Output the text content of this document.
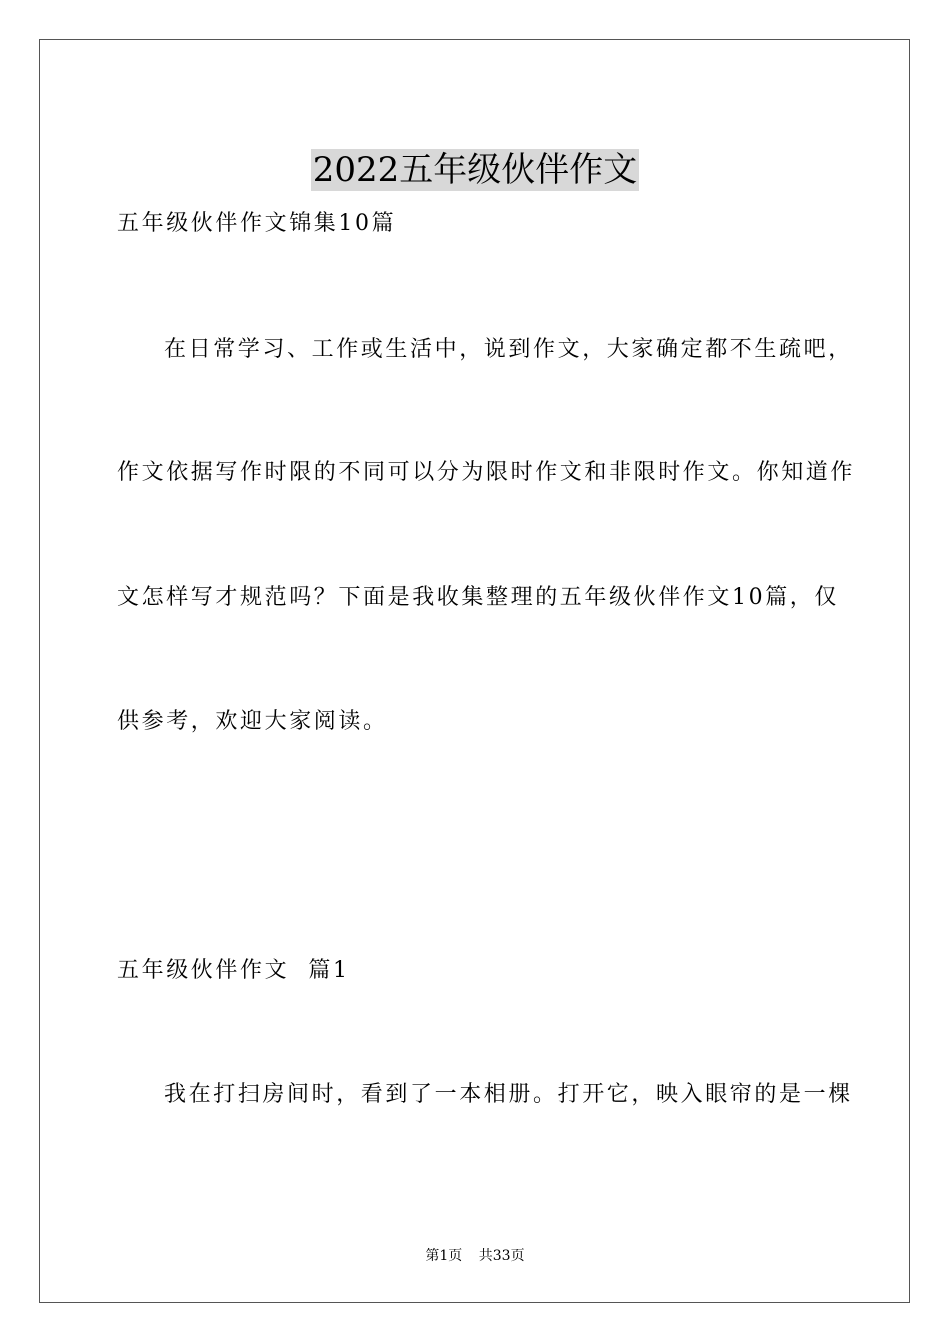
2022五年级伙伴作文
五年级伙伴作文锦集10篇
在日常学习、工作或生活中，说到作文，大家确定都不生疏吧，
作文依据写作时限的不同可以分为限时作文和非限时作文。你知道作
文怎样写才规范吗？下面是我收集整理的五年级伙伴作文10篇，仅
供参考，欢迎大家阅读。
五年级伙伴作文  篇1
我在打扫房间时，看到了一本相册。打开它，映入眼帘的是一棵
第1页 共33页
